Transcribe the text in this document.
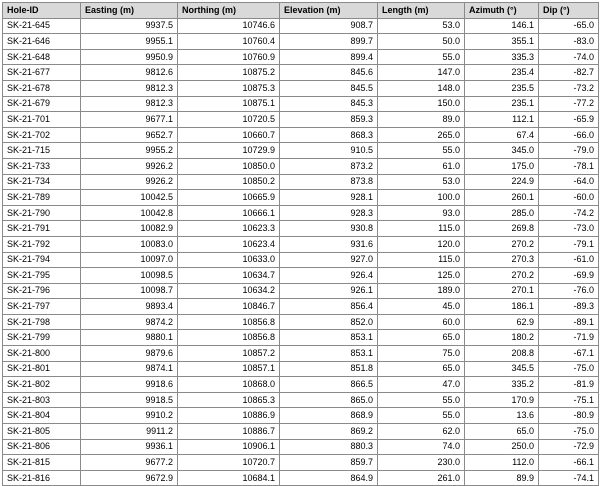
Hole-ID	Easting (m)	Northing (m)	Elevation (m)	Length (m)	Azimuth (°)	Dip (°)
SK-21-645	9937.5	10746.6	908.7	53.0	146.1	-65.0
SK-21-646	9955.1	10760.4	899.7	50.0	355.1	-83.0
SK-21-648	9950.9	10760.9	899.4	55.0	335.3	-74.0
SK-21-677	9812.6	10875.2	845.6	147.0	235.4	-82.7
SK-21-678	9812.3	10875.3	845.5	148.0	235.5	-73.2
SK-21-679	9812.3	10875.1	845.3	150.0	235.1	-77.2
SK-21-701	9677.1	10720.5	859.3	89.0	112.1	-65.9
SK-21-702	9652.7	10660.7	868.3	265.0	67.4	-66.0
SK-21-715	9955.2	10729.9	910.5	55.0	345.0	-79.0
SK-21-733	9926.2	10850.0	873.2	61.0	175.0	-78.1
SK-21-734	9926.2	10850.2	873.8	53.0	224.9	-64.0
SK-21-789	10042.5	10665.9	928.1	100.0	260.1	-60.0
SK-21-790	10042.8	10666.1	928.3	93.0	285.0	-74.2
SK-21-791	10082.9	10623.3	930.8	115.0	269.8	-73.0
SK-21-792	10083.0	10623.4	931.6	120.0	270.2	-79.1
SK-21-794	10097.0	10633.0	927.0	115.0	270.3	-61.0
SK-21-795	10098.5	10634.7	926.4	125.0	270.2	-69.9
SK-21-796	10098.7	10634.2	926.1	189.0	270.1	-76.0
SK-21-797	9893.4	10846.7	856.4	45.0	186.1	-89.3
SK-21-798	9874.2	10856.8	852.0	60.0	62.9	-89.1
SK-21-799	9880.1	10856.8	853.1	65.0	180.2	-71.9
SK-21-800	9879.6	10857.2	853.1	75.0	208.8	-67.1
SK-21-801	9874.1	10857.1	851.8	65.0	345.5	-75.0
SK-21-802	9918.6	10868.0	866.5	47.0	335.2	-81.9
SK-21-803	9918.5	10865.3	865.0	55.0	170.9	-75.1
SK-21-804	9910.2	10886.9	868.9	55.0	13.6	-80.9
SK-21-805	9911.2	10886.7	869.2	62.0	65.0	-75.0
SK-21-806	9936.1	10906.1	880.3	74.0	250.0	-72.9
SK-21-815	9677.2	10720.7	859.7	230.0	112.0	-66.1
SK-21-816	9672.9	10684.1	864.9	261.0	89.9	-74.1
